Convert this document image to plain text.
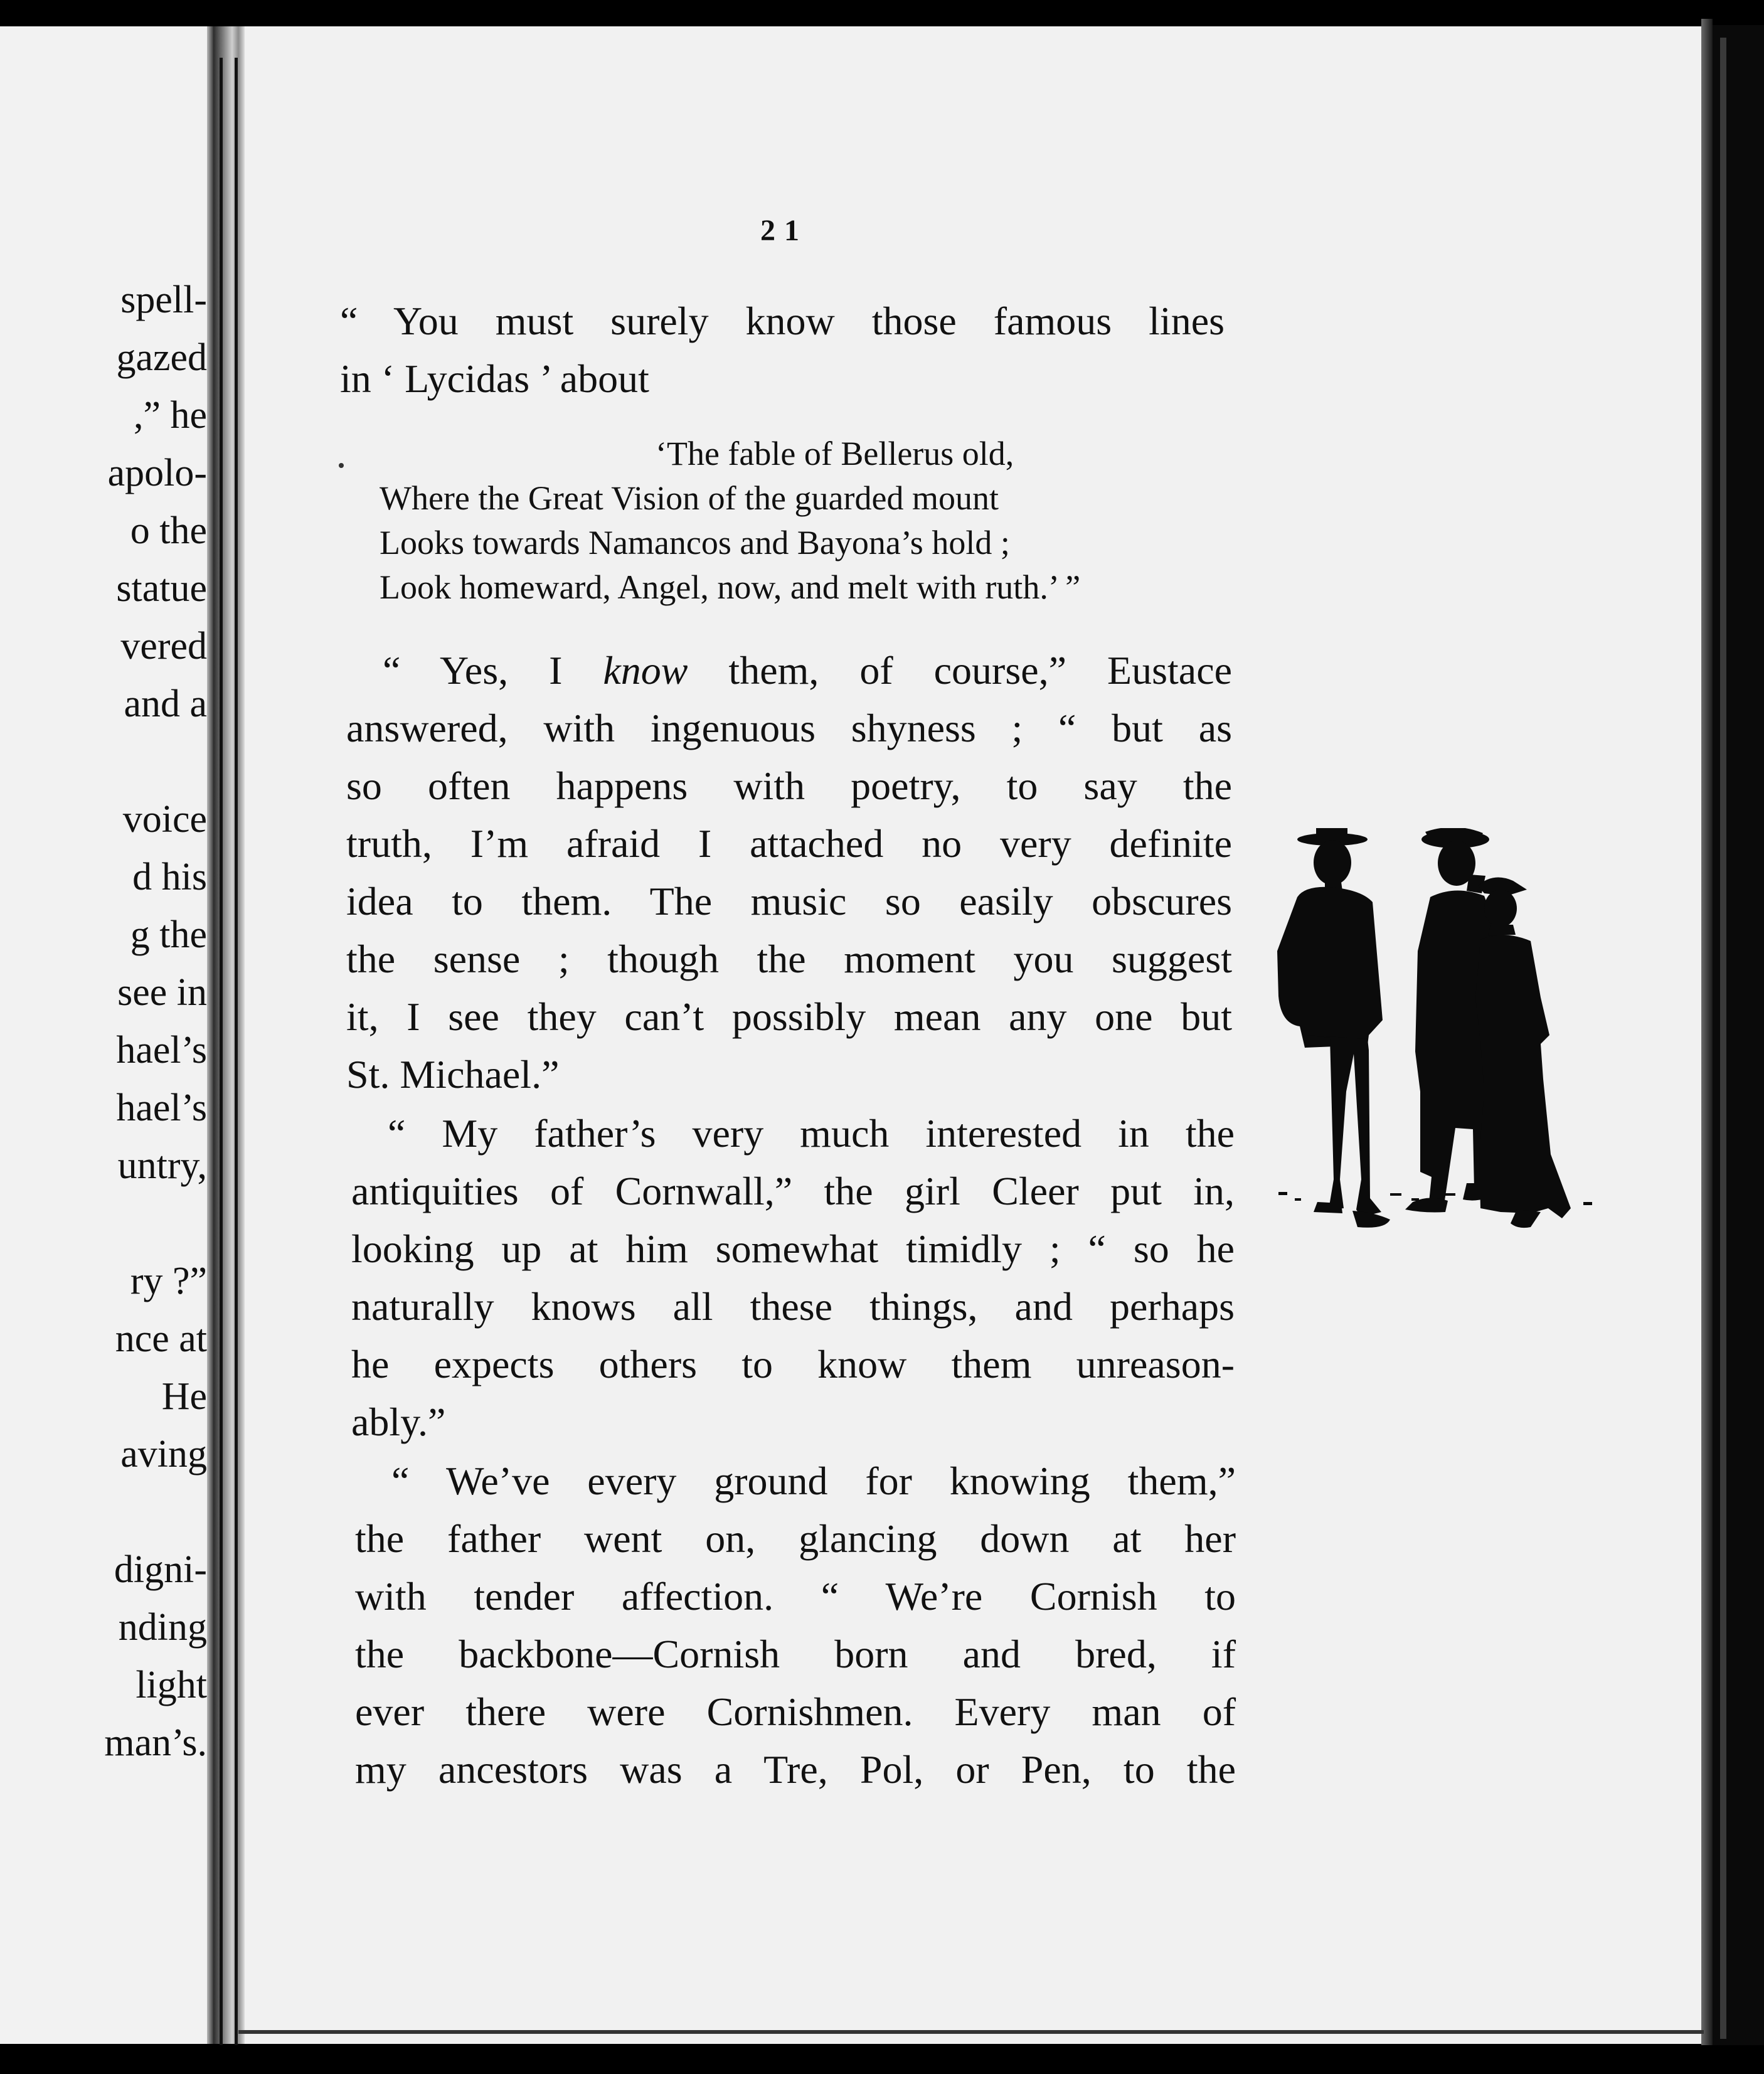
spell-
gazed
,” he
apolo-
o the
statue
vered
and a
voice
d his
g the
see in
hael’s
hael’s
untry,
ry ?”
nce at
He
aving
digni-
nding
light
man’s.
21
“ You must surely know those famous lines
in ‘ Lycidas ’ about
‘The fable of Bellerus old,
Where the Great Vision of the guarded mount
Looks towards Namancos and Bayona’s hold ;
Look homeward, Angel, now, and melt with ruth.’ ”
“ Yes, I know them, of course,” Eustace
answered, with ingenuous shyness ; “ but as
so often happens with poetry, to say the
truth, I’m afraid I attached no very definite
idea to them. The music so easily obscures
the sense ; though the moment you suggest
it, I see they can’t possibly mean any one but
St. Michael.”
“ My father’s very much interested in the
antiquities of Cornwall,” the girl Cleer put in,
looking up at him somewhat timidly ; “ so he
naturally knows all these things, and perhaps
he expects others to know them unreason-
ably.”
“ We’ve every ground for knowing them,”
the father went on, glancing down at her
with tender affection. “ We’re Cornish to
the backbone—Cornish born and bred, if
ever there were Cornishmen. Every man of
my ancestors was a Tre, Pol, or Pen, to the
